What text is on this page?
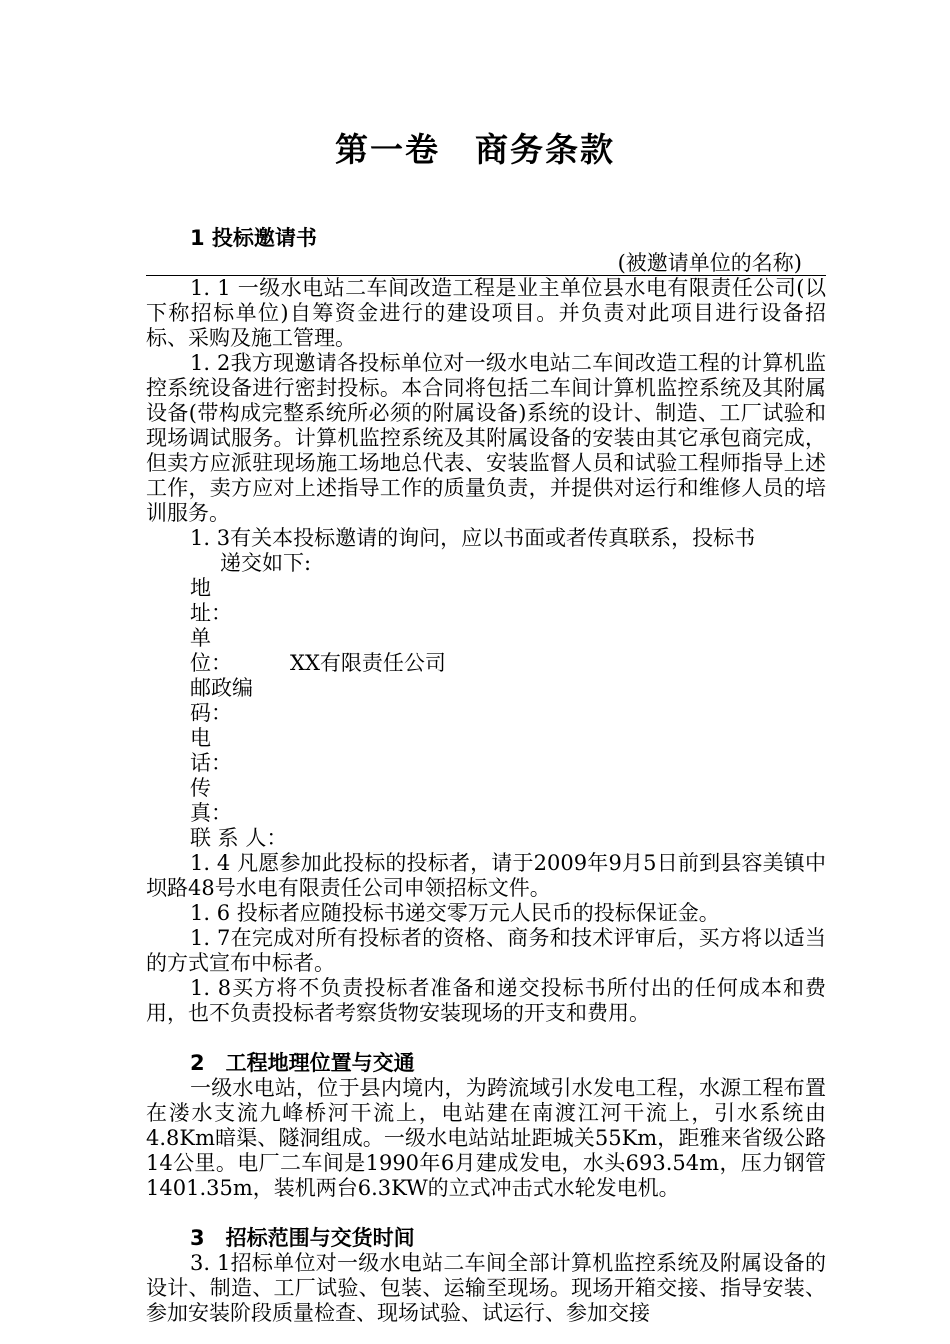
第一卷　商务条款
1 投标邀请书
(被邀请单位的名称)
1. 1 一级水电站二车间改造工程是业主单位县水电有限责任公司(以下称招标单位)自筹资金进行的建设项目。并负责对此项目进行设备招标、采购及施工管理。
1. 2我方现邀请各投标单位对一级水电站二车间改造工程的计算机监控系统设备进行密封投标。本合同将包括二车间计算机监控系统及其附属设备(带构成完整系统所必须的附属设备)系统的设计、制造、工厂试验和现场调试服务。计算机监控系统及其附属设备的安装由其它承包商完成，但卖方应派驻现场施工场地总代表、安装监督人员和试验工程师指导上述工作，卖方应对上述指导工作的质量负责，并提供对运行和维修人员的培训服务。
1. 3有关本投标邀请的询问，应以书面或者传真联系，投标书
递交如下:
地　　址：
单　　位：	XX有限责任公司
邮政编码：
电　　话：
传　　真：
联 系 人：
1. 4 凡愿参加此投标的投标者，请于2009年9月5日前到县容美镇中坝路48号水电有限责任公司申领招标文件。
1. 6 投标者应随投标书递交零万元人民币的投标保证金。
1. 7在完成对所有投标者的资格、商务和技术评审后，买方将以适当的方式宣布中标者。
1. 8买方将不负责投标者准备和递交投标书所付出的任何成本和费用，也不负责投标者考察货物安装现场的开支和费用。
2　工程地理位置与交通
一级水电站，位于县内境内，为跨流域引水发电工程，水源工程布置在溇水支流九峰桥河干流上，电站建在南渡江河干流上，引水系统由4.8Km暗渠、隧洞组成。一级水电站站址距城关55Km，距雅来省级公路14公里。电厂二车间是1990年6月建成发电，水头693.54m，压力钢管1401.35m，装机两台6.3KW的立式冲击式水轮发电机。
3　招标范围与交货时间
3. 1招标单位对一级水电站二车间全部计算机监控系统及附属设备的设计、制造、工厂试验、包装、运输至现场。现场开箱交接、指导安装、参加安装阶段质量检查、现场试验、试运行、参加交接
